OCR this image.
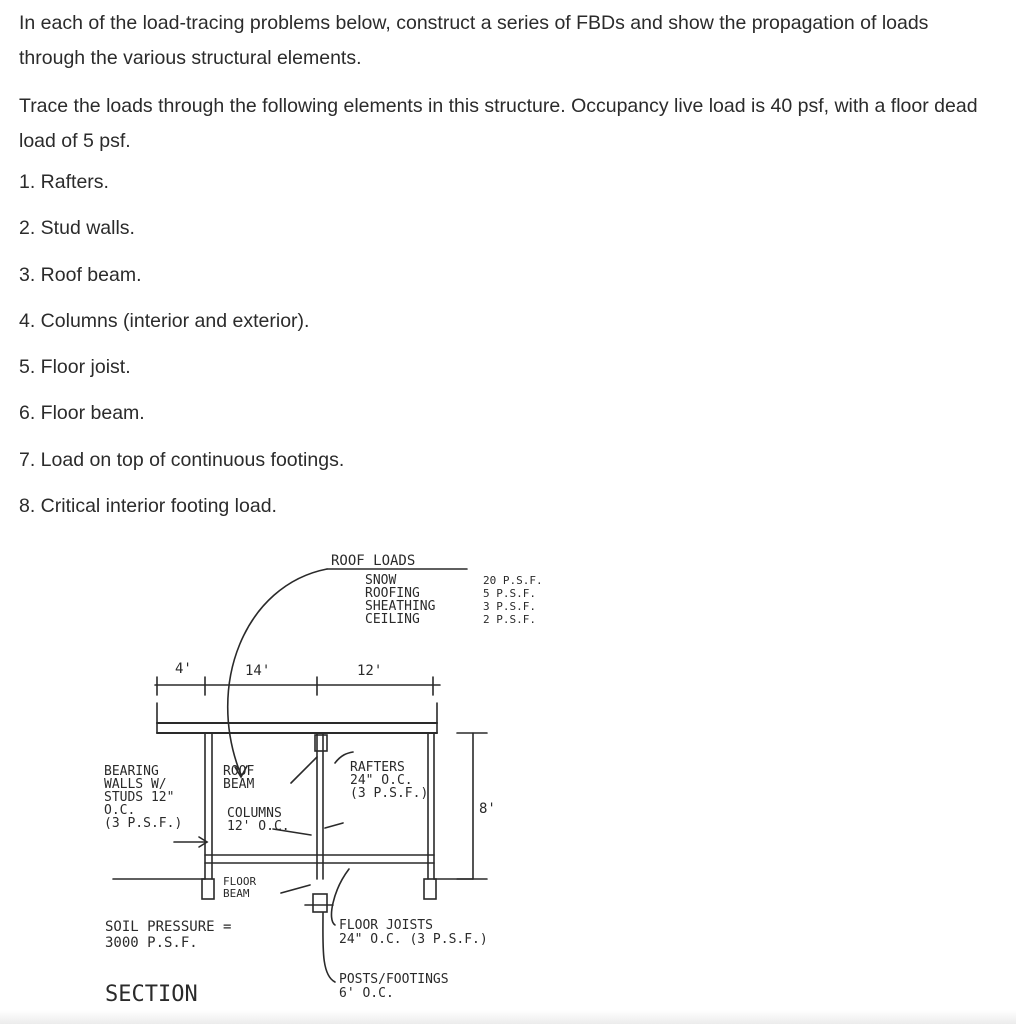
In each of the load-tracing problems below, construct a series of FBDs and show the propagation of loads through the various structural elements.

Trace the loads through the following elements in this structure. Occupancy live load is 40 psf, with a floor dead load of 5 psf.

1. Rafters.
2. Stud walls.
3. Roof beam.
4. Columns (interior and exterior).
5. Floor joist.
6. Floor beam.
7. Load on top of continuous footings.
8. Critical interior footing load.
ROOF LOADS
SNOW
ROOFING
SHEATHING
CEILING
20 P.S.F.
5 P.S.F.
3 P.S.F.
2 P.S.F.
4'	14'	12'
8'
BEARING
WALLS W/
STUDS 12"
O.C.
(3 P.S.F.)
ROOF
BEAM
COLUMNS
12' O.C.
RAFTERS
24" O.C.
(3 P.S.F.)
FLOOR
BEAM
SOIL PRESSURE =
3000 P.S.F.
FLOOR JOISTS
24" O.C. (3 P.S.F.)
POSTS/FOOTINGS
6' O.C.
SECTION
